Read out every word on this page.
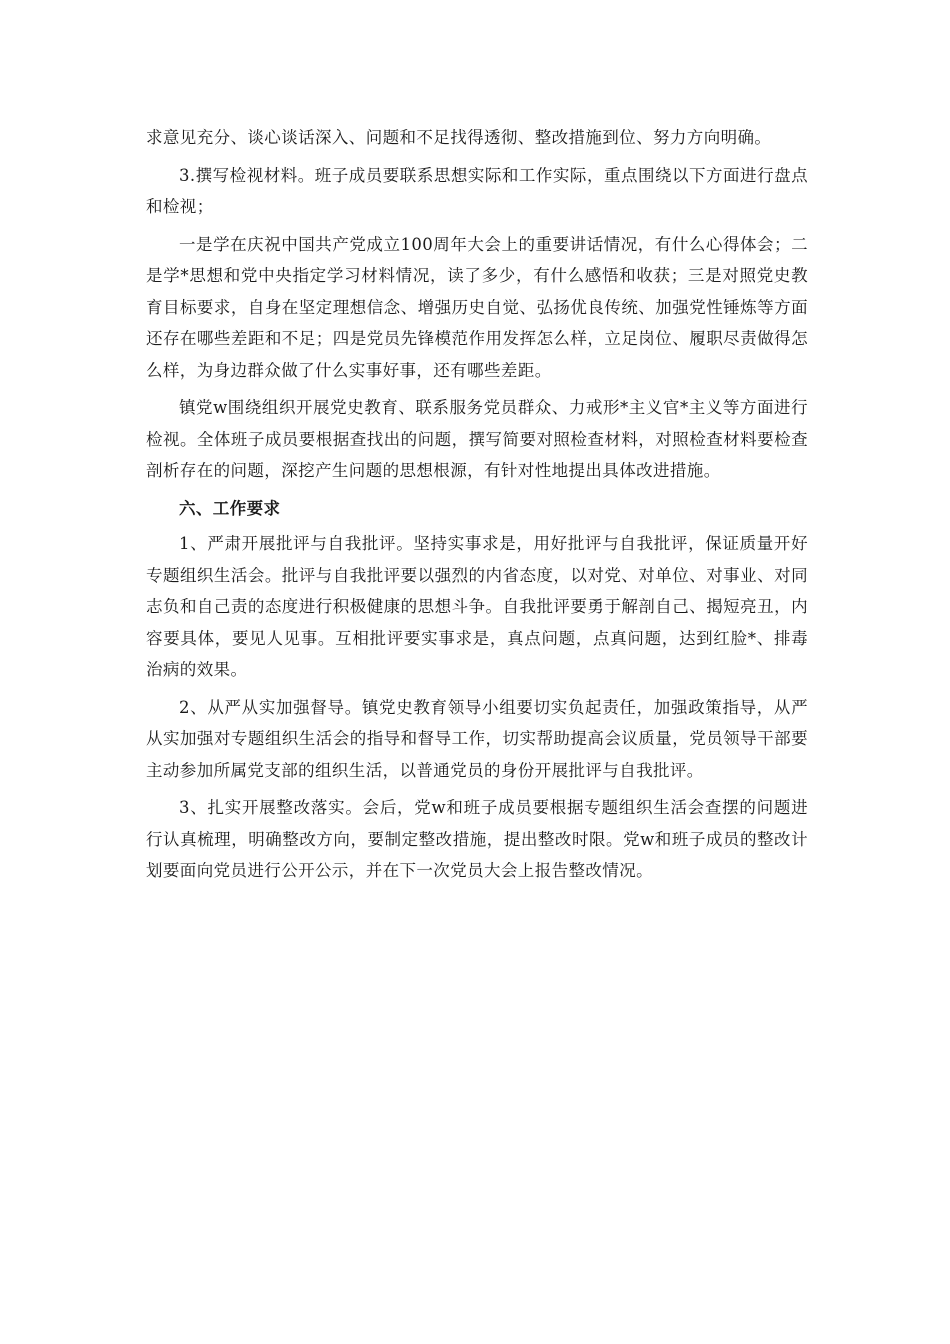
求意见充分、谈心谈话深入、问题和不足找得透彻、整改措施到位、努力方向明确。

3.撰写检视材料。班子成员要联系思想实际和工作实际，重点围绕以下方面进行盘点和检视；

一是学在庆祝中国共产党成立100周年大会上的重要讲话情况，有什么心得体会；二是学*思想和党中央指定学习材料情况，读了多少，有什么感悟和收获；三是对照党史教育目标要求，自身在坚定理想信念、增强历史自觉、弘扬优良传统、加强党性锤炼等方面还存在哪些差距和不足；四是党员先锋模范作用发挥怎么样，立足岗位、履职尽责做得怎么样，为身边群众做了什么实事好事，还有哪些差距。

镇党w围绕组织开展党史教育、联系服务党员群众、力戒形*主义官*主义等方面进行检视。全体班子成员要根据查找出的问题，撰写简要对照检查材料，对照检查材料要检查剖析存在的问题，深挖产生问题的思想根源，有针对性地提出具体改进措施。

六、工作要求

1、严肃开展批评与自我批评。坚持实事求是，用好批评与自我批评，保证质量开好专题组织生活会。批评与自我批评要以强烈的内省态度，以对党、对单位、对事业、对同志负和自己责的态度进行积极健康的思想斗争。自我批评要勇于解剖自己、揭短亮丑，内容要具体，要见人见事。互相批评要实事求是，真点问题，点真问题，达到红脸*、排毒治病的效果。

2、从严从实加强督导。镇党史教育领导小组要切实负起责任，加强政策指导，从严从实加强对专题组织生活会的指导和督导工作，切实帮助提高会议质量，党员领导干部要主动参加所属党支部的组织生活，以普通党员的身份开展批评与自我批评。

3、扎实开展整改落实。会后，党w和班子成员要根据专题组织生活会查摆的问题进行认真梳理，明确整改方向，要制定整改措施，提出整改时限。党w和班子成员的整改计划要面向党员进行公开公示，并在下一次党员大会上报告整改情况。
